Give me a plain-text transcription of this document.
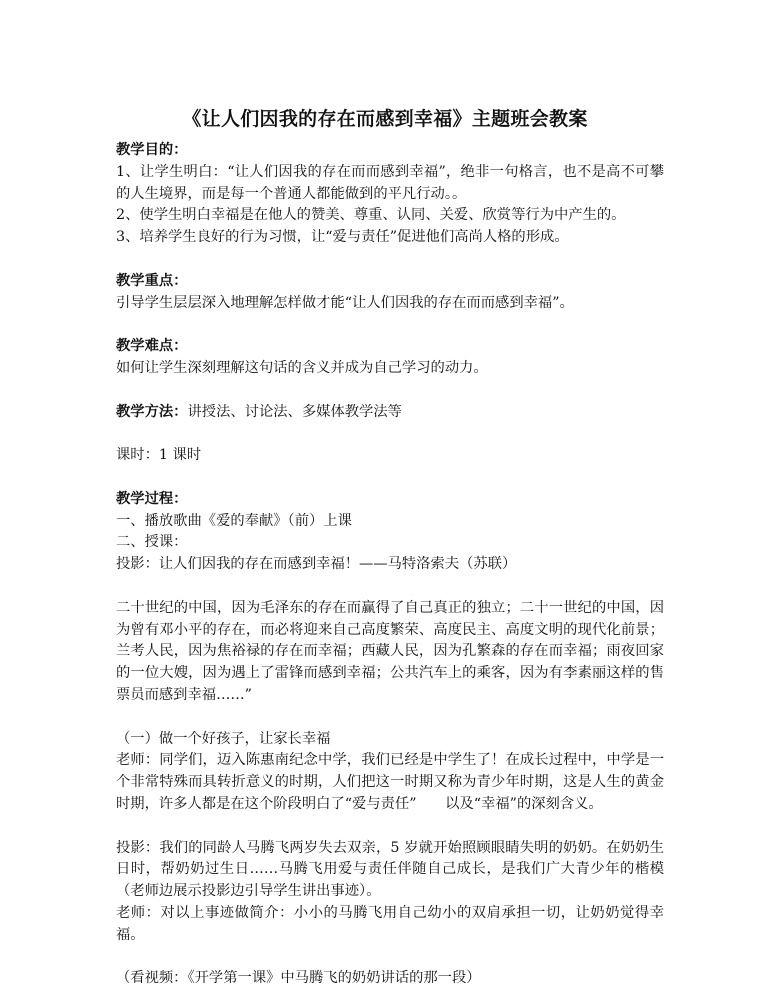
《让人们因我的存在而感到幸福》主题班会教案

教学目的：

1、让学生明白：“让人们因我的存在而而感到幸福”，绝非一句格言，也不是高不可攀的人生境界，而是每一个普通人都能做到的平凡行动。。

2、使学生明白幸福是在他人的赞美、尊重、认同、关爱、欣赏等行为中产生的。

3、培养学生良好的行为习惯，让“爱与责任”促进他们高尚人格的形成。

教学重点：

引导学生层层深入地理解怎样做才能“让人们因我的存在而而感到幸福”。

教学难点：

如何让学生深刻理解这句话的含义并成为自己学习的动力。

教学方法：讲授法、讨论法、多媒体教学法等

课时：1 课时

教学过程：

一、播放歌曲《爱的奉献》（前）上课

二、授课：

投影：让人们因我的存在而感到幸福！——马特洛索夫（苏联）

二十世纪的中国，因为毛泽东的存在而赢得了自己真正的独立；二十一世纪的中国，因为曾有邓小平的存在，而必将迎来自己高度繁荣、高度民主、高度文明的现代化前景；兰考人民，因为焦裕禄的存在而幸福；西藏人民，因为孔繁森的存在而幸福；雨夜回家的一位大嫂，因为遇上了雷锋而感到幸福；公共汽车上的乘客，因为有李素丽这样的售票员而感到幸福……”

（一）做一个好孩子，让家长幸福

老师：同学们，迈入陈惠南纪念中学，我们已经是中学生了！在成长过程中，中学是一个非常特殊而具转折意义的时期，人们把这一时期又称为青少年时期，这是人生的黄金时期，许多人都是在这个阶段明白了“爱与责任”　　以及“幸福”的深刻含义。

投影：我们的同龄人马腾飞两岁失去双亲，5 岁就开始照顾眼睛失明的奶奶。在奶奶生日时，帮奶奶过生日……马腾飞用爱与责任伴随自己成长，是我们广大青少年的楷模（老师边展示投影边引导学生讲出事迹）。

老师：对以上事迹做简介：小小的马腾飞用自己幼小的双肩承担一切，让奶奶觉得幸福。

（看视频：《开学第一课》中马腾飞的奶奶讲话的那一段）
